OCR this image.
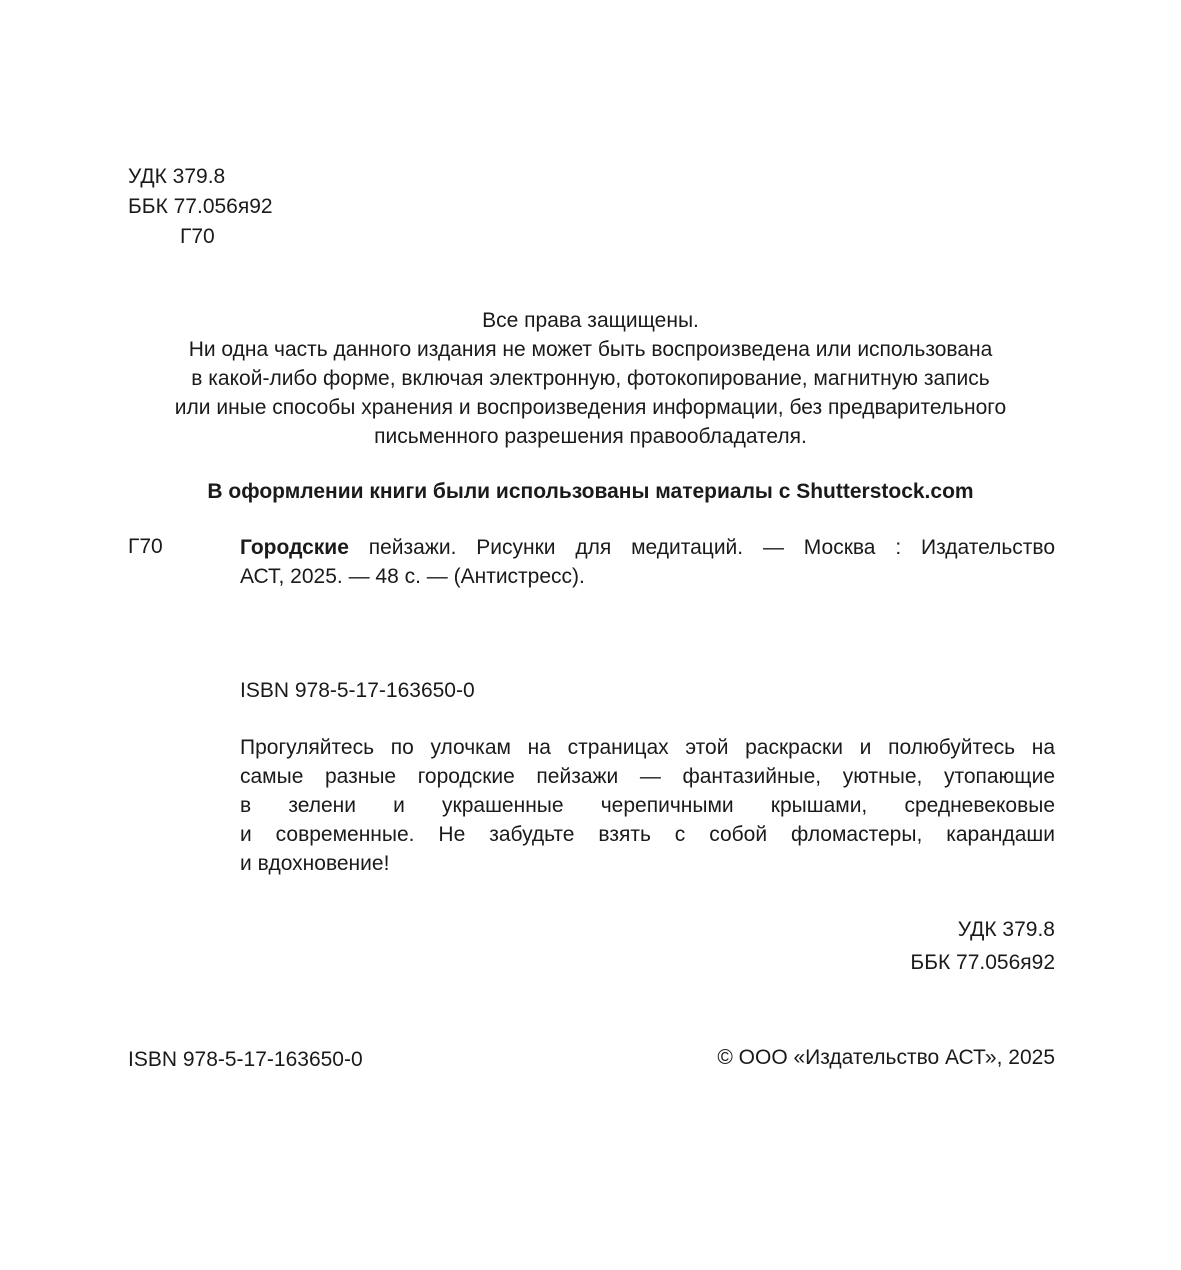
УДК 379.8
ББК 77.056я92
Г70
Все права защищены.
Ни одна часть данного издания не может быть воспроизведена или использована
в какой-либо форме, включая электронную, фотокопирование, магнитную запись
или иные способы хранения и воспроизведения информации, без предварительного
письменного разрешения правообладателя.
В оформлении книги были использованы материалы с Shutterstock.com
Г70	Городские пейзажи. Рисунки для медитаций. — Москва : Издательство
АСТ, 2025. — 48 с. — (Антистресс).
ISBN 978-5-17-163650-0
Прогуляйтесь по улочкам на страницах этой раскраски и полюбуйтесь на
самые разные городские пейзажи — фантазийные, уютные, утопающие
в зелени и украшенные черепичными крышами, средневековые
и современные. Не забудьте взять с собой фломастеры, карандаши
и вдохновение!
УДК 379.8
ББК 77.056я92
ISBN 978-5-17-163650-0	© ООО «Издательство АСТ», 2025
